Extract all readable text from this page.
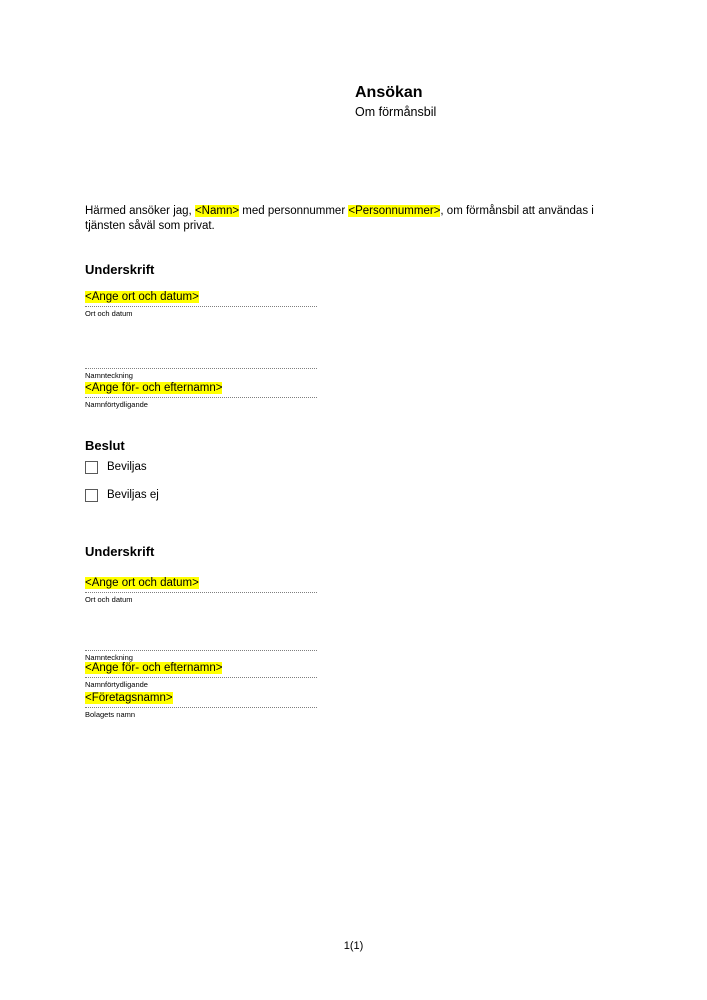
Ansökan
Om förmånsbil
Härmed ansöker jag, <Namn> med personnummer <Personnummer>, om förmånsbil att användas i tjänsten såväl som privat.
Underskrift
<Ange ort och datum>
Ort och datum
Namnteckning
<Ange för- och efternamn>
Namnförtydligande
Beslut
Beviljas
Beviljas ej
Underskrift
<Ange ort och datum>
Ort och datum
Namnteckning
<Ange för- och efternamn>
Namnförtydligande
<Företagsnamn>
Bolagets namn
1(1)
